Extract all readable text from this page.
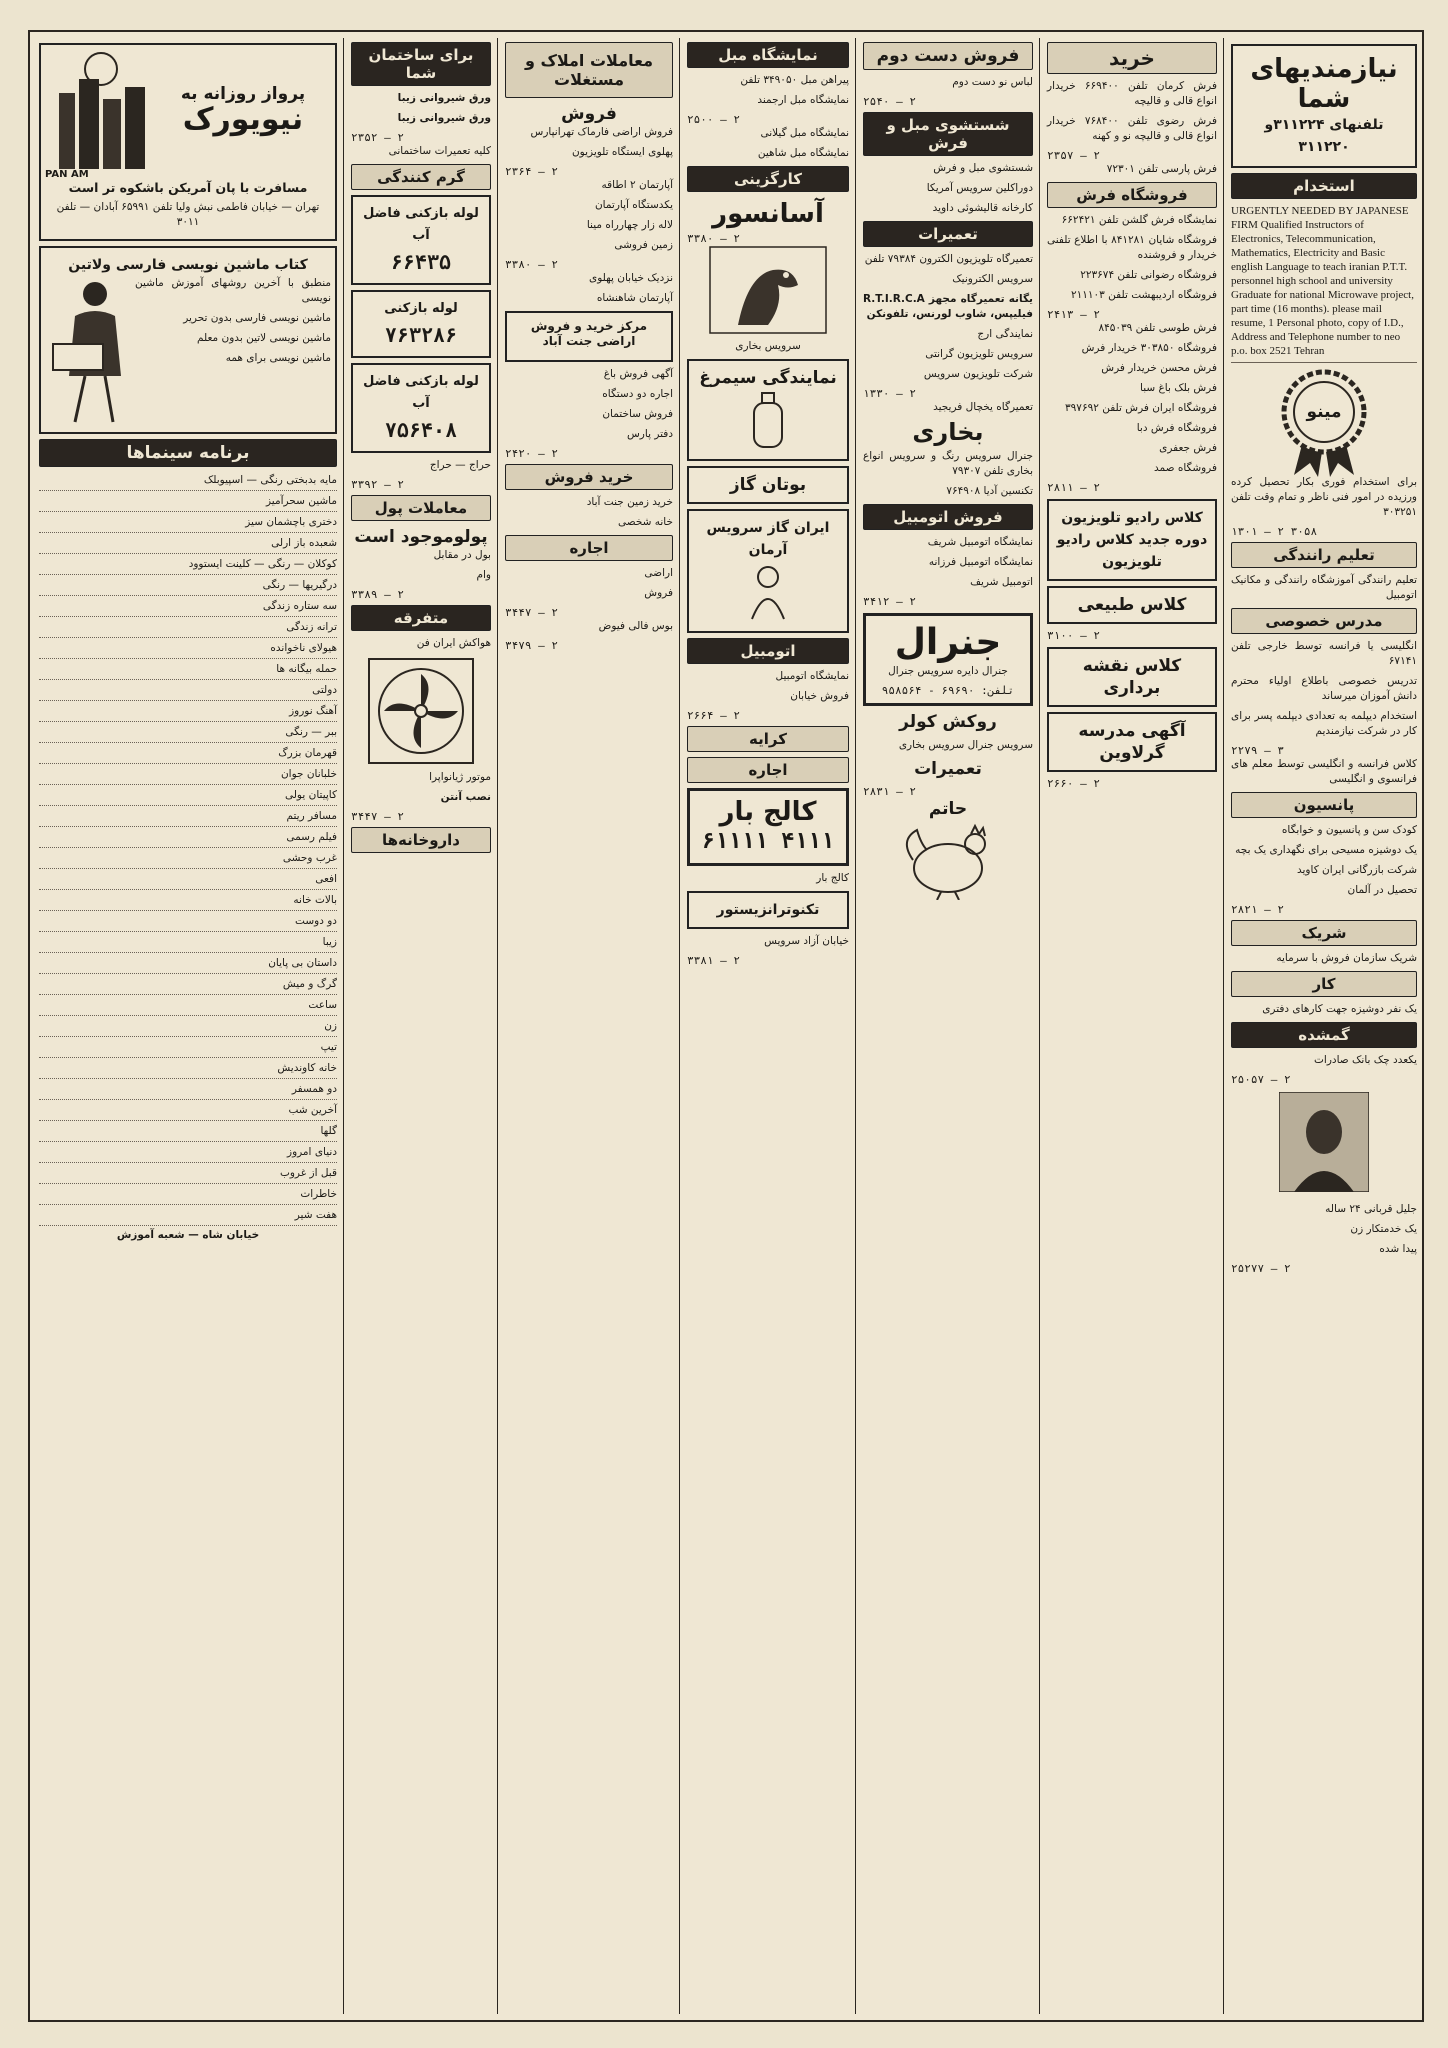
نیازمندیهای شما
تلفنهای ۳۱۱۲۲۴و ۳۱۱۲۲۰
استخدام
URGENTLY NEEDED BY JAPANESE FIRM Qualified Instructors of Electronics, Telecommunication, Mathematics, Electricity and Basic english Language to teach iranian P.T.T. personnel high school and university Graduate for national Microwave project, part time (16 months). please mail resume, 1 Personal photo, copy of I.D., Address and Telephone number to neo p.o. box 2521 Tehran
مینو
برای استخدام فوری بکار تحصیل کرده ورزیده در امور فنی ناظر و تمام وقت تلفن ۳۰۳۲۵۱
۱۳۰۱ — ۲ ۳۰۵۸
تعلیم رانندگی
تعلیم رانندگی آموزشگاه رانندگی و مکانیک اتومبیل
مدرس خصوصی
انگلیسی یا فرانسه توسط خارجی تلفن ۶۷۱۴۱
تدریس خصوصی باطلاع اولیاء محترم دانش آموزان میرساند
استخدام دیپلمه به تعدادی دیپلمه پسر برای کار در شرکت نیازمندیم
۲۲۷۹ — ۳
کلاس فرانسه و انگلیسی توسط معلم های فرانسوی و انگلیسی
پانسیون
کودک سن و پانسیون و خوابگاه
یک دوشیزه مسیحی برای نگهداری یک بچه
شرکت بازرگانی ایران کاوید
تحصیل در آلمان
۲۸۲۱ — ۲
شریک
شریک سازمان فروش با سرمایه
کار
یک نفر دوشیزه جهت کارهای دفتری
گمشده
یکعدد چک بانک صادرات
۲۵۰۵۷ — ۲
جلیل قربانی ۲۴ ساله
یک خدمتکار زن
پیدا شده
۲۵۲۷۷ — ۲
خرید
فرش کرمان تلفن ۶۶۹۴۰۰ خریدار انواع قالی و قالیچه
فرش رضوی تلفن ۷۶۸۴۰۰ خریدار انواع قالی و قالیچه نو و کهنه
۲۳۵۷ — ۲
فرش پارسی تلفن ۷۲۳۰۱
فروشگاه فرش
نمایشگاه فرش گلشن تلفن ۶۶۲۴۲۱
فروشگاه شایان ۸۴۱۲۸۱ با اطلاع تلفنی خریدار و فروشنده
فروشگاه رضوانی تلفن ۲۲۳۶۷۴
فروشگاه اردیبهشت تلفن ۲۱۱۱۰۳
۲۴۱۳ — ۲
فرش طوسی تلفن ۸۴۵۰۳۹
فروشگاه ۳۰۳۸۵۰ خریدار فرش
فرش محسن خریدار فرش
فرش بلک باغ سبا
فروشگاه ایران فرش تلفن ۳۹۷۶۹۲
فروشگاه فرش دبا
فرش جعفری
فروشگاه صمد
۲۸۱۱ — ۲
کلاس رادیو تلویزیون دوره جدید کلاس رادیو تلویزیون
کلاس طبیعی
۳۱۰۰ — ۲
کلاس نقشه برداری
آگهی مدرسه گرلاوین
۲۶۶۰ — ۲
فروش دست دوم
لباس نو دست دوم
۲۵۴۰ — ۲
شستشوی مبل و فرش
شستشوی مبل و فرش
دوراکلین سرویس آمریکا
کارخانه قالیشوئی داوید
تعمیرات
تعمیرگاه تلویزیون الکترون ۷۹۳۸۴ تلفن
سرویس الکترونیک
یگانه تعمیرگاه مجهز R.T.I.R.C.A فیلیپس، شاوب لورنس، تلفونکن
نمایندگی ارج
سرویس تلویزیون گرانتی
شرکت تلویزیون سرویس
۱۳۳۰ — ۲
تعمیرگاه یخچال فریجید
بخاری
جنرال سرویس رنگ و سرویس انواع بخاری تلفن ۷۹۳۰۷
تکنسین آدیا ۷۶۴۹۰۸
فروش اتومبیل
نمایشگاه اتومبیل شریف
نمایشگاه اتومبیل فرزانه
اتومبیل شریف
۳۴۱۲ — ۲
جنرال
جنرال دایره سرویس جنرال
تلفن: ۶۹۶۹۰ - ۹۵۸۵۶۴
روکش کولر
سرویس جنرال سرویس بخاری
تعمیرات
۲۸۳۱ — ۲
حاتم
نمایشگاه مبل
پیراهن مبل ۳۴۹۰۵۰ تلفن
نمایشگاه مبل ارجمند
۲۵۰۰ — ۲
نمایشگاه مبل گیلانی
نمایشگاه مبل شاهین
کارگزینی
آسانسور
۳۳۸۰ — ۲
سرویس بخاری
نمایندگی سیمرغ
بوتان گاز
ایران گاز سرویس آرمان
اتومبیل
نمایشگاه اتومبیل
فروش خیابان
۲۶۶۴ — ۲
کرایه
اجاره
کالج بار
۴۱۱۱ ۶۱۱۱۱
کالج بار
تکنوترانزیستور
خیابان آزاد سرویس
۳۳۸۱ — ۲
معاملات املاک و مستغلات
فروش
فروش اراضی فارماک تهرانپارس
پهلوی ایستگاه تلویزیون
۲۳۶۴ — ۲
آپارتمان ۲ اطاقه
یکدستگاه آپارتمان
لاله زار چهارراه مینا
زمین فروشی
۳۳۸۰ — ۲
نزدیک خیابان پهلوی
آپارتمان شاهنشاه
مرکز خرید و فروش اراضی جنت آباد
آگهی فروش باغ
اجاره دو دستگاه
فروش ساختمان
دفتر پارس
۲۴۲۰ — ۲
خرید فروش
خرید زمین جنت آباد
خانه شخصی
اجاره
اراضی
فروش
۳۴۴۷ — ۲
بوس فالی فیوض
۳۴۷۹ — ۲
برای ساختمان شما
ورق شیروانی زیبا
ورق شیروانی زیبا
۲۳۵۲ — ۲
کلیه تعمیرات ساختمانی
گرم کنندگی
لوله بازکنی فاضل آب
۶۶۴۳۵
لوله بازکنی
۷۶۳۲۸۶
لوله بازکنی فاضل آب
۷۵۶۴۰۸
حراج — حراج
۳۳۹۲ — ۲
معاملات پول
پولوموجود است
بول در مقابل
وام
۳۳۸۹ — ۲
متفرقه
هواکش ایران فن
موتور ژیانواپرا
نصب آنتن
۳۴۴۷ — ۲
داروخانه‌ها
پرواز روزانه به
نیویورک
PAN AM
مسافرت با پان آمریکن باشکوه تر است
تهران — خیابان فاطمی نبش ولیا تلفن ۶۵۹۹۱ آبادان — تلفن ۳۰۱۱
کتاب ماشین نویسی فارسی ولاتین
منطبق با آخرین روشهای آموزش ماشین نویسی
ماشین نویسی فارسی بدون تحریر
ماشین نویسی لاتین بدون معلم
ماشین نویسی برای همه
برنامه سینماها
مایه‌ بدبختی رنگی — اسپیوبلک
ماشین سحرآمیز
دختری باچشمان سیز
شعبده باز ارلی
کوکلان — رنگی — کلینت ایستوود
درگیریها — رنگی
سه ستاره زندگی
ترانه زندگی
هیولای ناخوانده
حمله بیگانه ها
دولتی
آهنگ نوروز
ببر — رنگی
قهرمان بزرگ
خلبانان جوان
کاپیتان یولی
مسافر ریتم
فیلم رسمی
غرب وحشی
افعی
بالات خانه
دو دوست
زیبا
داستان بی پایان
گرگ و میش
ساعت
زن
تیپ
خانه کاوندیش
دو همسفر
آخرین شب
گلها
دنیای امروز
قبل از غروب
خاطرات
هفت شیر
خیابان شاه — شعبه آموزش
